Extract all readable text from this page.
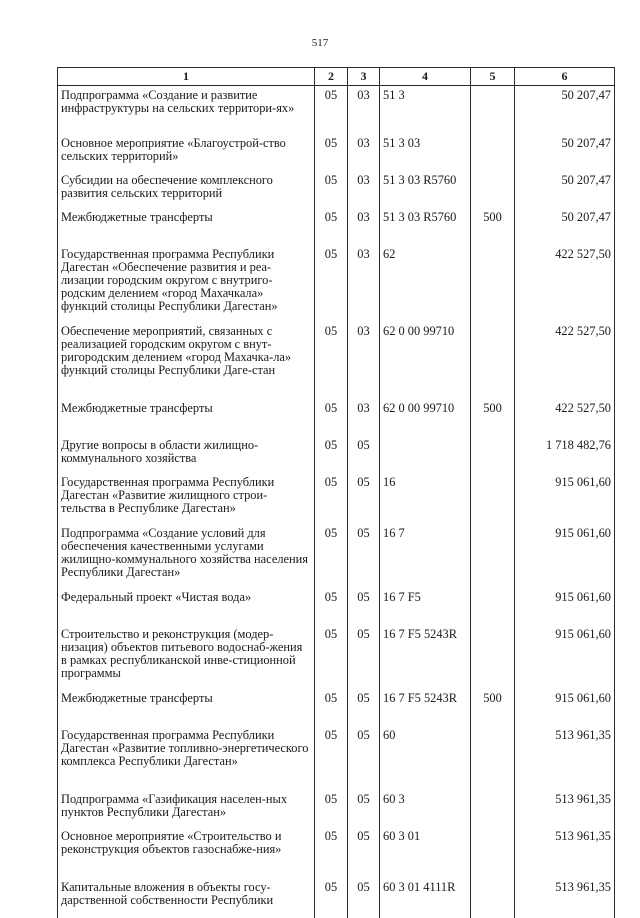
517
1	2	3	4	5	6
Подпрограмма «Создание и развитие инфраструктуры на сельских территори-ях»	05	03	51 3		50 207,47
Основное мероприятие «Благоустрой-ство сельских территорий»	05	03	51 3 03		50 207,47
Субсидии на обеспечение комплексного развития сельских территорий	05	03	51 3 03 R5760		50 207,47
Межбюджетные трансферты	05	03	51 3 03 R5760	500	50 207,47
Государственная программа Республики Дагестан «Обеспечение развития и реа-лизации городским округом с внутриго-родским делением «город Махачкала» функций столицы Республики Дагестан»	05	03	62		422 527,50
Обеспечение мероприятий, связанных с реализацией городским округом с внут-ригородским делением «город Махачка-ла» функций столицы Республики Даге-стан	05	03	62 0 00 99710		422 527,50
Межбюджетные трансферты	05	03	62 0 00 99710	500	422 527,50
Другие вопросы в области жилищно-коммунального хозяйства	05	05			1 718 482,76
Государственная программа Республики Дагестан «Развитие жилищного строи-тельства в Республике Дагестан»	05	05	16		915 061,60
Подпрограмма «Создание условий для обеспечения качественными услугами жилищно-коммунального хозяйства населения Республики Дагестан»	05	05	16 7		915 061,60
Федеральный проект «Чистая вода»	05	05	16 7 F5		915 061,60
Строительство и реконструкция (модер-низация) объектов питьевого водоснаб-жения в рамках республиканской инве-стиционной программы	05	05	16 7 F5 5243R		915 061,60
Межбюджетные трансферты	05	05	16 7 F5 5243R	500	915 061,60
Государственная программа Республики Дагестан «Развитие топливно-энергетического комплекса Республики Дагестан»	05	05	60		513 961,35
Подпрограмма «Газификация населен-ных пунктов Республики Дагестан»	05	05	60 3		513 961,35
Основное мероприятие «Строительство и реконструкция объектов газоснабже-ния»	05	05	60 3 01		513 961,35
Капитальные вложения в объекты госу-дарственной собственности Республики	05	05	60 3 01 4111R		513 961,35
